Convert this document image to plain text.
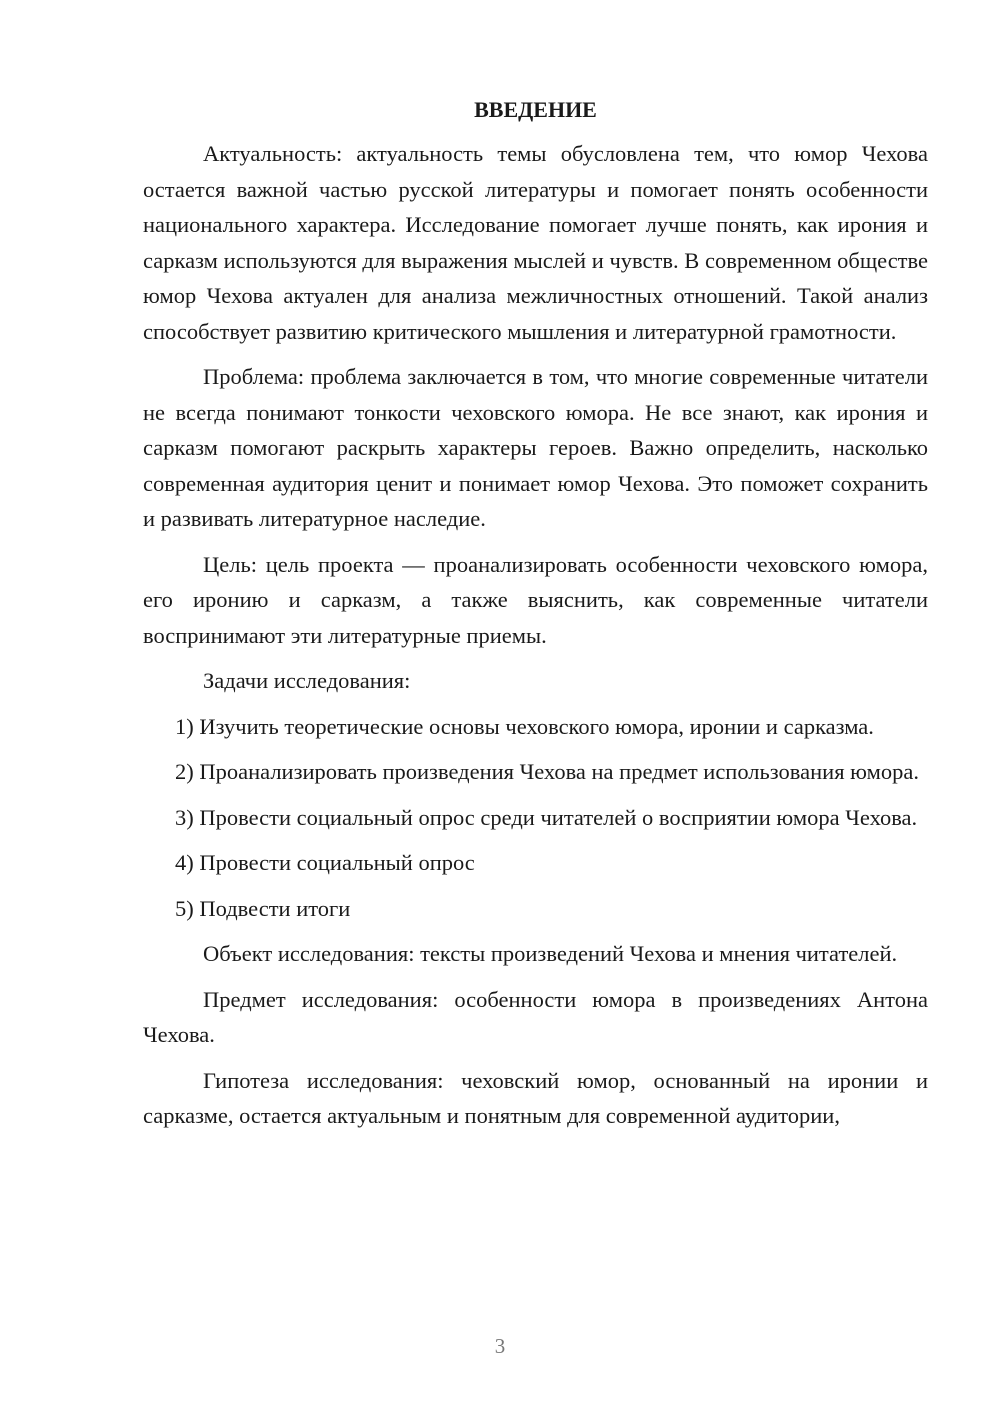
ВВЕДЕНИЕ

Актуальность: актуальность темы обусловлена тем, что юмор Чехова остается важной частью русской литературы и помогает понять особенности национального характера. Исследование помогает лучше понять, как ирония и сарказм используются для выражения мыслей и чувств. В современном обществе юмор Чехова актуален для анализа межличностных отношений. Такой анализ способствует развитию критического мышления и литературной грамотности.

Проблема: проблема заключается в том, что многие современные читатели не всегда понимают тонкости чеховского юмора. Не все знают, как ирония и сарказм помогают раскрыть характеры героев. Важно определить, насколько современная аудитория ценит и понимает юмор Чехова. Это поможет сохранить и развивать литературное наследие.

Цель: цель проекта — проанализировать особенности чеховского юмора, его иронию и сарказм, а также выяснить, как современные читатели воспринимают эти литературные приемы.

Задачи исследования:

1) Изучить теоретические основы чеховского юмора, иронии и сарказма.

2) Проанализировать произведения Чехова на предмет использования юмора.

3) Провести социальный опрос среди читателей о восприятии юмора Чехова.

4) Провести социальный опрос

5) Подвести итоги

Объект исследования: тексты произведений Чехова и мнения читателей.

Предмет исследования: особенности юмора в произведениях Антона Чехова.

Гипотеза исследования: чеховский юмор, основанный на иронии и сарказме, остается актуальным и понятным для современной аудитории,

3
